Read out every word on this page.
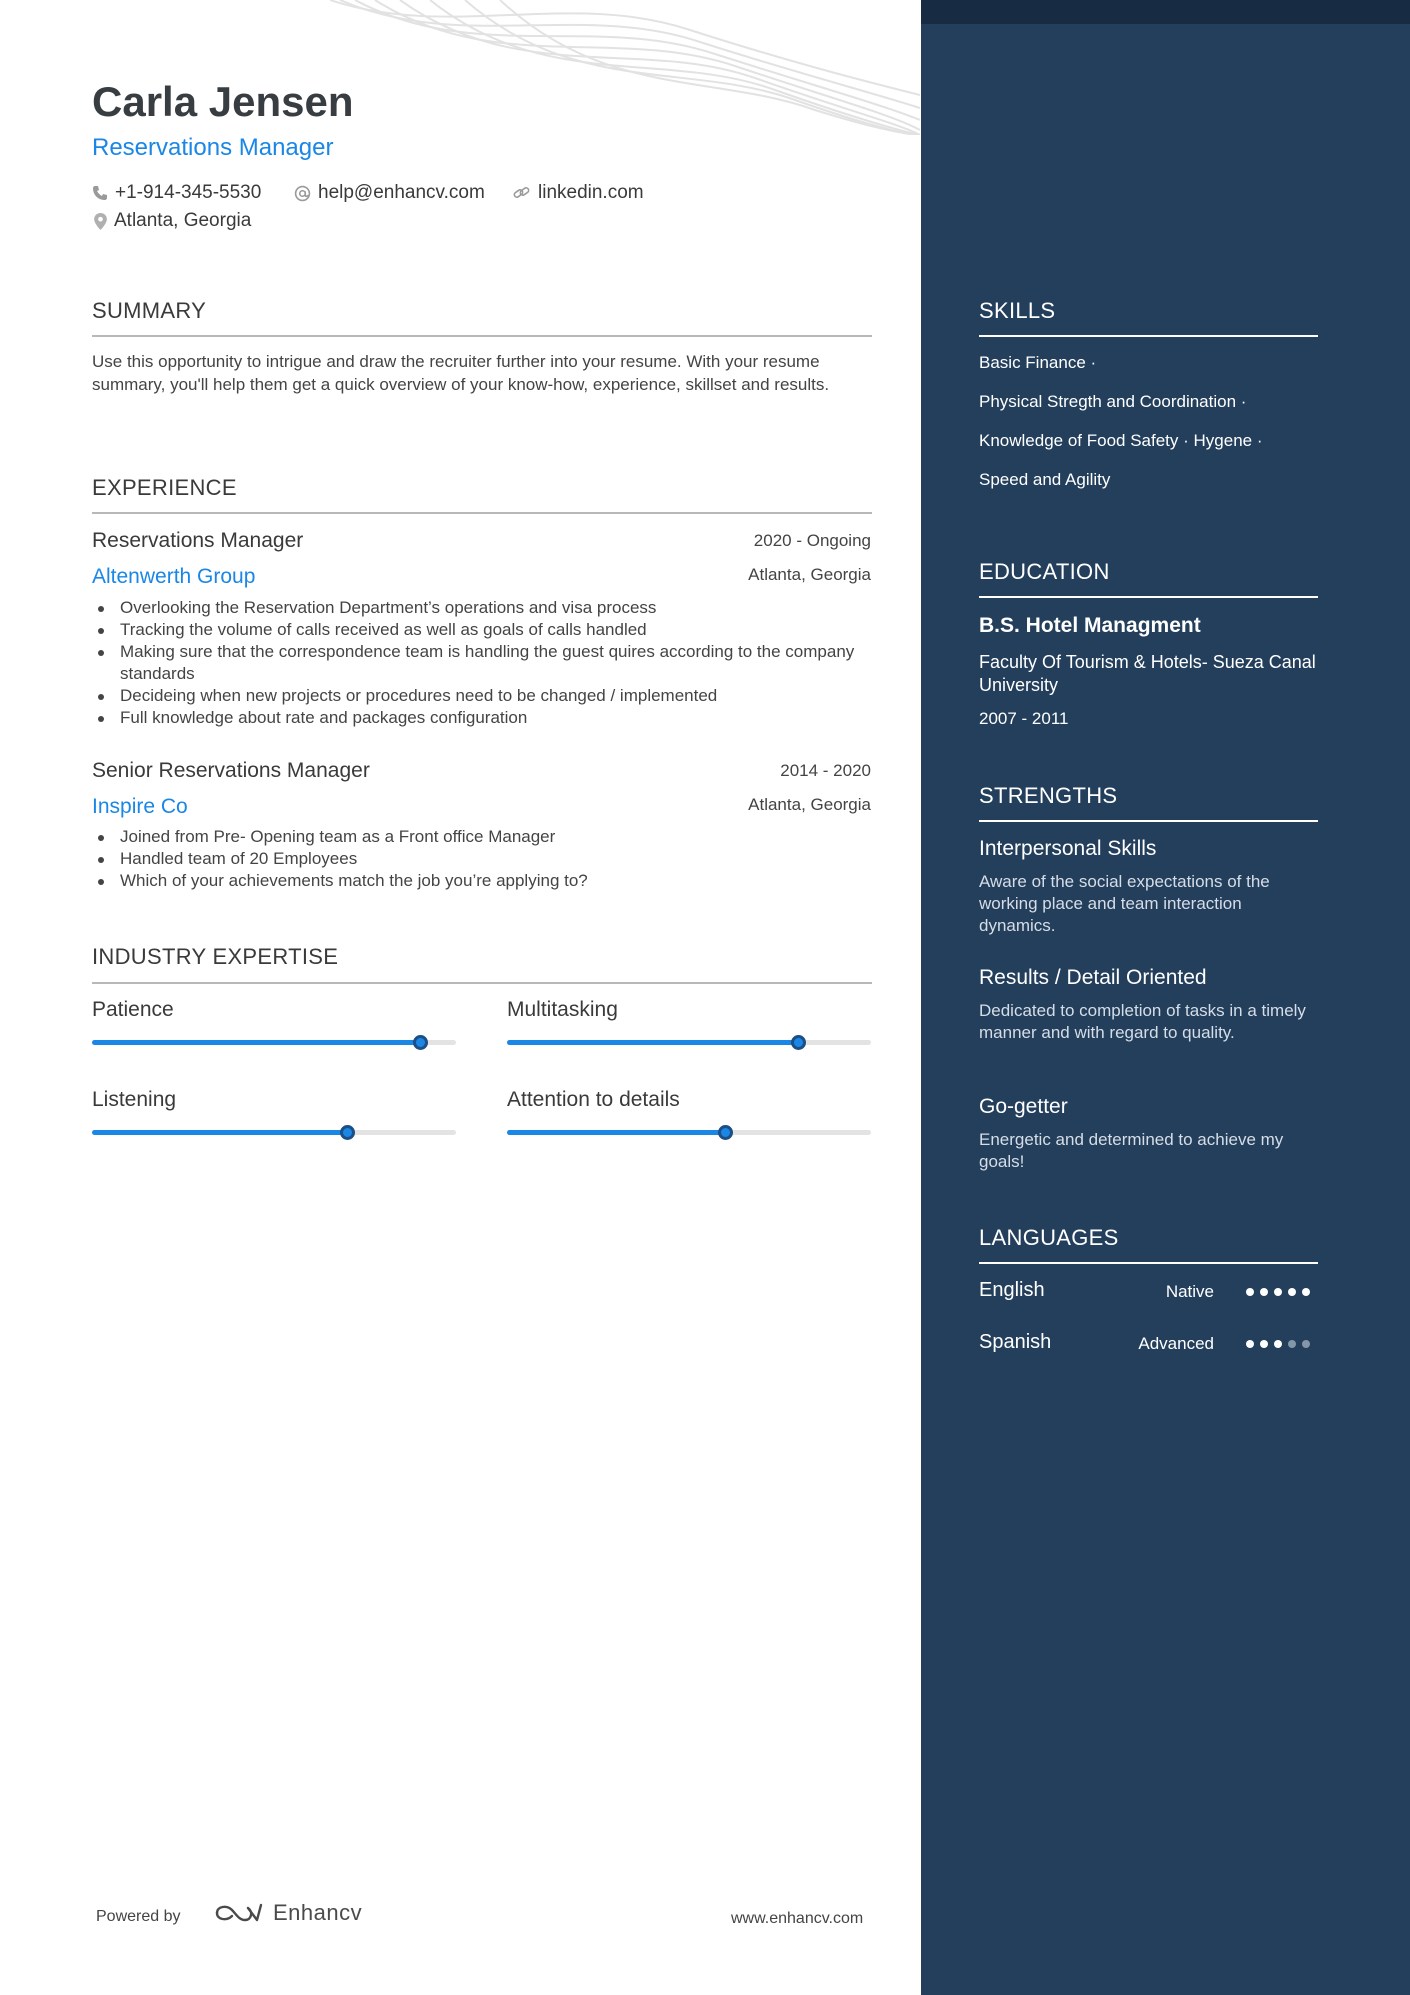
Carla Jensen
Reservations Manager
+1-914-345-5530	help@enhancv.com	linkedin.com
Atlanta, Georgia
SUMMARY
Use this opportunity to intrigue and draw the recruiter further into your resume. With your resume summary, you'll help them get a quick overview of your know-how, experience, skillset and results.
EXPERIENCE
Reservations Manager	2020 - Ongoing
Altenwerth Group	Atlanta, Georgia
Overlooking the Reservation Department’s operations and visa process
Tracking the volume of calls received as well as goals of calls handled
Making sure that the correspondence team is handling the guest quires according to the company standards
Decideing when new projects or procedures need to be changed / implemented
Full knowledge about rate and packages configuration
Senior Reservations Manager	2014 - 2020
Inspire Co	Atlanta, Georgia
Joined from Pre- Opening team as a Front office Manager
Handled team of 20 Employees
Which of your achievements match the job you’re applying to?
INDUSTRY EXPERTISE
Patience	Multitasking
Listening	Attention to details
Powered by	Enhancv	www.enhancv.com
SKILLS
Basic Finance ·
Physical Stregth and Coordination ·
Knowledge of Food Safety · Hygene ·
Speed and Agility
EDUCATION
B.S. Hotel Managment
Faculty Of Tourism & Hotels- Sueza Canal University
2007 - 2011
STRENGTHS
Interpersonal Skills
Aware of the social expectations of the working place and team interaction dynamics.
Results / Detail Oriented
Dedicated to completion of tasks in a timely manner and with regard to quality.
Go-getter
Energetic and determined to achieve my goals!
LANGUAGES
English	Native
Spanish	Advanced
